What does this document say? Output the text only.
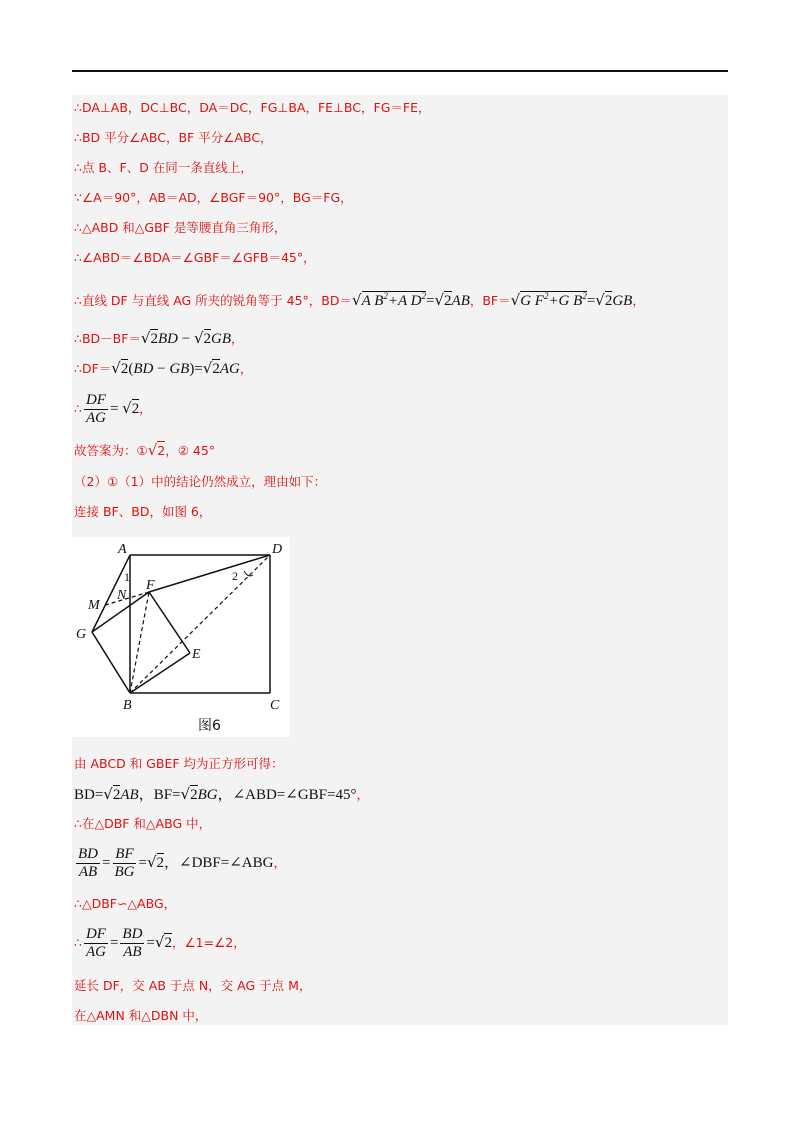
∴DA⊥AB，DC⊥BC，DA＝DC，FG⊥BA，FE⊥BC，FG＝FE，
∴BD 平分∠ABC，BF 平分∠ABC，
∴点 B、F、D 在同一条直线上，
∵∠A＝90°，AB＝AD，∠BGF＝90°，BG＝FG，
∴△ABD 和△GBF 是等腰直角三角形，
∴∠ABD＝∠BDA＝∠GBF＝∠GFB＝45°，
∴直线 DF 与直线 AG 所夹的锐角等于 45°，BD＝√A $B^2+A$ $D^2=√2AB$，BF＝√G $F^2+G$ $B^2=√2GB$，
∴BD－BF＝√2BD − √2GB，
∴DF＝√2(BD − GB)=√2AG，
∴ $\frac{DF}{AG} = √2$，
故答案为：①√2，② 45°
（2）①（1）中的结论仍然成立，理由如下：
连接 BF、BD，如图 6，
A	D
F
N
M
G
E
B	C
1	2
图6
由 ABCD 和 GBEF 均为正方形可得：
BD=√2AB，BF=√2BG，∠ABD=∠GBF=45°，
∴在△DBF 和△ABG 中，
$\frac{BD}{AB} = \frac{BF}{BG} =√2$，∠DBF=∠ABG，
∴△DBF∽△ABG，
∴ $\frac{DF}{AG} = \frac{BD}{AB} =√2$，∠1=∠2，
延长 DF，交 AB 于点 N，交 AG 于点 M，
在△AMN 和△DBN 中，
